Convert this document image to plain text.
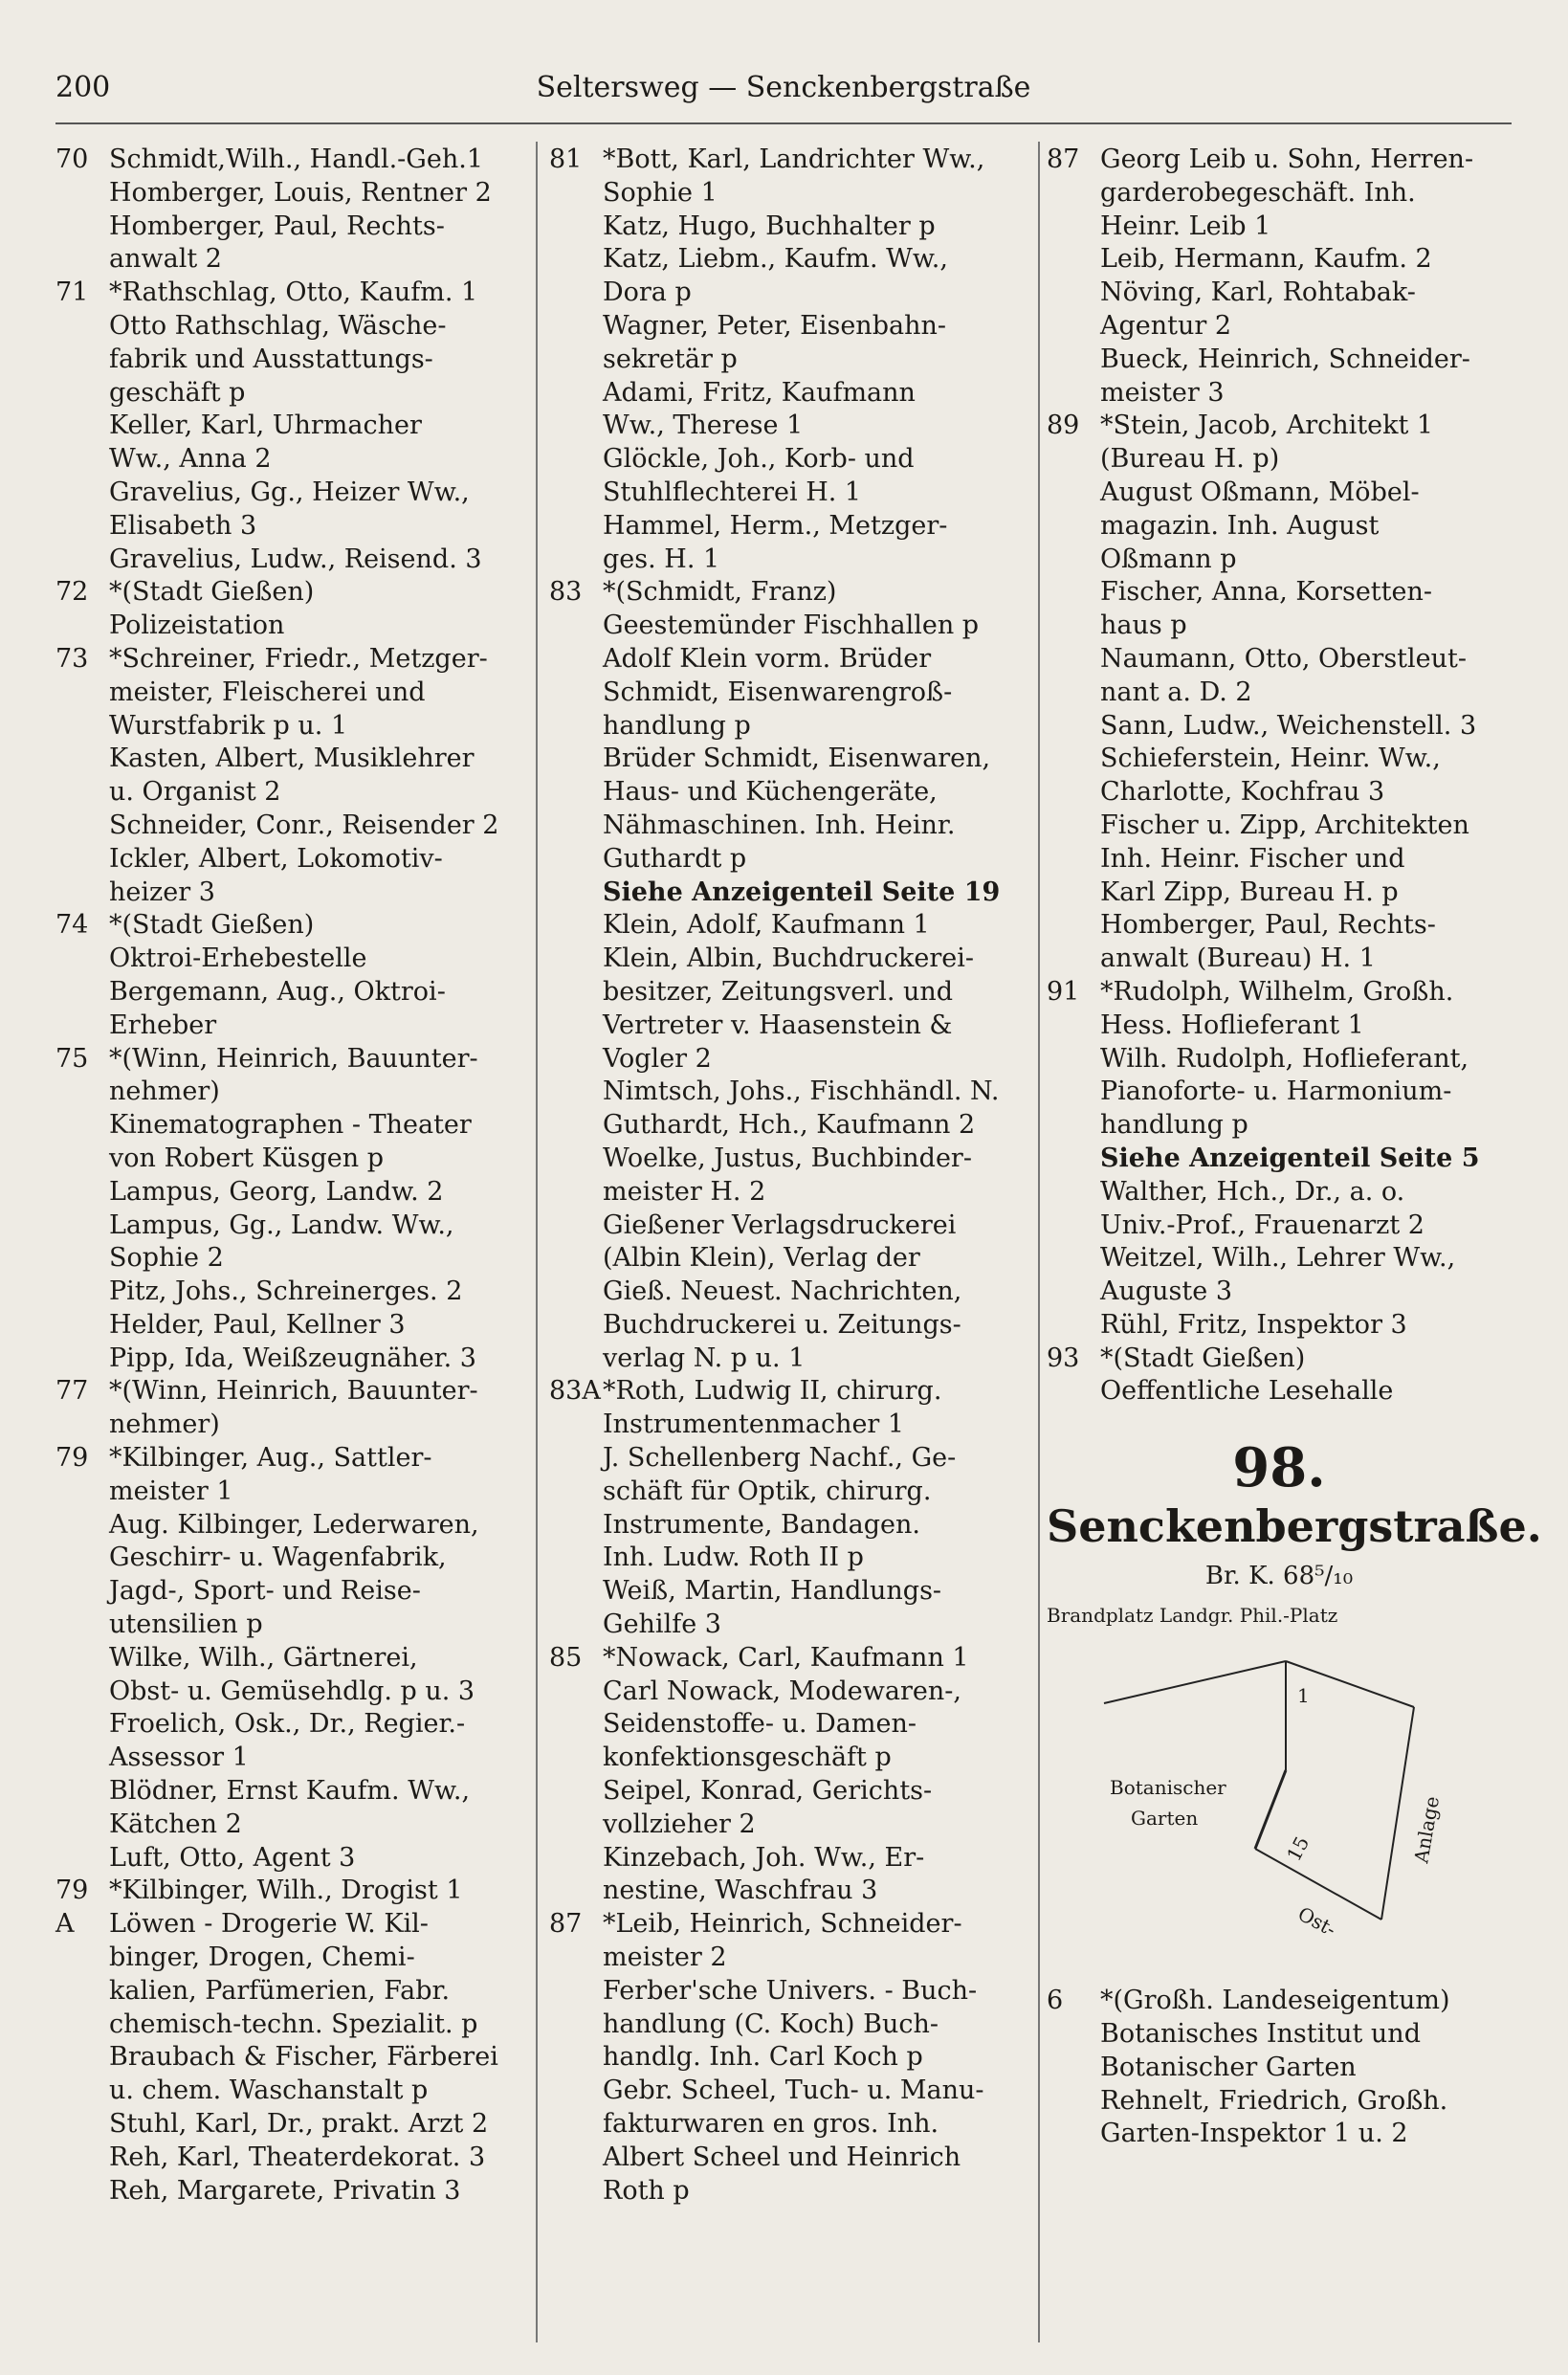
200	Seltersweg — Senckenbergstraße
70 Schmidt,Wilh., Handl.-Geh.1
Homberger, Louis, Rentner 2
Homberger, Paul, Rechts-
anwalt 2
71 *Rathschlag, Otto, Kaufm. 1
Otto Rathschlag, Wäsche-
fabrik und Ausstattungs-
geschäft p
Keller, Karl, Uhrmacher
Ww., Anna 2
Gravelius, Gg., Heizer Ww.,
Elisabeth 3
Gravelius, Ludw., Reisend. 3
72 *(Stadt Gießen)
Polizeistation
73 *Schreiner, Friedr., Metzger-
meister, Fleischerei und
Wurstfabrik p u. 1
Kasten, Albert, Musiklehrer
u. Organist 2
Schneider, Conr., Reisender 2
Ickler, Albert, Lokomotiv-
heizer 3
74 *(Stadt Gießen)
Oktroi-Erhebestelle
Bergemann, Aug., Oktroi-
Erheber
75 *(Winn, Heinrich, Bauunter-
nehmer)
Kinematographen - Theater
von Robert Küsgen p
Lampus, Georg, Landw. 2
Lampus, Gg., Landw. Ww.,
Sophie 2
Pitz, Johs., Schreinerges. 2
Helder, Paul, Kellner 3
Pipp, Ida, Weißzeugnäher. 3
77 *(Winn, Heinrich, Bauunter-
nehmer)
79 *Kilbinger, Aug., Sattler-
meister 1
Aug. Kilbinger, Lederwaren,
Geschirr- u. Wagenfabrik,
Jagd-, Sport- und Reise-
utensilien p
Wilke, Wilh., Gärtnerei,
Obst- u. Gemüsehdlg. p u. 3
Froelich, Osk., Dr., Regier.-
Assessor 1
Blödner, Ernst Kaufm. Ww.,
Kätchen 2
Luft, Otto, Agent 3
79 A
*Kilbinger, Wilh., Drogist 1
Löwen - Drogerie W. Kil-
binger, Drogen, Chemi-
kalien, Parfümerien, Fabr.
chemisch-techn. Spezialit. p
Braubach & Fischer, Färberei
u. chem. Waschanstalt p
Stuhl, Karl, Dr., prakt. Arzt 2
Reh, Karl, Theaterdekorat. 3
Reh, Margarete, Privatin 3
81 *Bott, Karl, Landrichter Ww.,
Sophie 1
Katz, Hugo, Buchhalter p
Katz, Liebm., Kaufm. Ww.,
Dora p
Wagner, Peter, Eisenbahn-
sekretär p
Adami, Fritz, Kaufmann
Ww., Therese 1
Glöckle, Joh., Korb- und
Stuhlflechterei H. 1
Hammel, Herm., Metzger-
ges. H. 1
83 *(Schmidt, Franz)
Geestemünder Fischhallen p
Adolf Klein vorm. Brüder
Schmidt, Eisenwarengroß-
handlung p
Brüder Schmidt, Eisenwaren,
Haus- und Küchengeräte,
Nähmaschinen. Inh. Heinr.
Guthardt p
Siehe Anzeigenteil Seite 19
Klein, Adolf, Kaufmann 1
Klein, Albin, Buchdruckerei-
besitzer, Zeitungsverl. und
Vertreter v. Haasenstein &
Vogler 2
Nimtsch, Johs., Fischhändl. N.
Guthardt, Hch., Kaufmann 2
Woelke, Justus, Buchbinder-
meister H. 2
Gießener Verlagsdruckerei
(Albin Klein), Verlag der
Gieß. Neuest. Nachrichten,
Buchdruckerei u. Zeitungs-
verlag N. p u. 1
83A *Roth, Ludwig II, chirurg.
Instrumentenmacher 1
J. Schellenberg Nachf., Ge-
schäft für Optik, chirurg.
Instrumente, Bandagen.
Inh. Ludw. Roth II p
Weiß, Martin, Handlungs-
Gehilfe 3
85 *Nowack, Carl, Kaufmann 1
Carl Nowack, Modewaren-,
Seidenstoffe- u. Damen-
konfektionsgeschäft p
Seipel, Konrad, Gerichts-
vollzieher 2
Kinzebach, Joh. Ww., Er-
nestine, Waschfrau 3
87 *Leib, Heinrich, Schneider-
meister 2
Ferber'sche Univers. - Buch-
handlung (C. Koch) Buch-
handlg. Inh. Carl Koch p
Gebr. Scheel, Tuch- u. Manu-
fakturwaren en gros. Inh.
Albert Scheel und Heinrich
Roth p
87 Georg Leib u. Sohn, Herren-
garderobegeschäft. Inh.
Heinr. Leib 1
Leib, Hermann, Kaufm. 2
Növing, Karl, Rohtabak-
Agentur 2
Bueck, Heinrich, Schneider-
meister 3
89 *Stein, Jacob, Architekt 1
(Bureau H. p)
August Oßmann, Möbel-
magazin. Inh. August
Oßmann p
Fischer, Anna, Korsetten-
haus p
Naumann, Otto, Oberstleut-
nant a. D. 2
Sann, Ludw., Weichenstell. 3
Schieferstein, Heinr. Ww.,
Charlotte, Kochfrau 3
Fischer u. Zipp, Architekten
Inh. Heinr. Fischer und
Karl Zipp, Bureau H. p
Homberger, Paul, Rechts-
anwalt (Bureau) H. 1
91 *Rudolph, Wilhelm, Großh.
Hess. Hoflieferant 1
Wilh. Rudolph, Hoflieferant,
Pianoforte- u. Harmonium-
handlung p
Siehe Anzeigenteil Seite 5
Walther, Hch., Dr., a. o.
Univ.-Prof., Frauenarzt 2
Weitzel, Wilh., Lehrer Ww.,
Auguste 3
Rühl, Fritz, Inspektor 3
93 *(Stadt Gießen)
Oeffentliche Lesehalle
98.
Senckenbergstraße.
Br. K. 68⁵/₁₀
Brandplatz Landgr. Phil.-Platz
1
Botanischer
Garten
15	Anlage
Ost-
6	*(Großh. Landeseigentum)
Botanisches Institut und
Botanischer Garten
Rehnelt, Friedrich, Großh.
Garten-Inspektor 1 u. 2
